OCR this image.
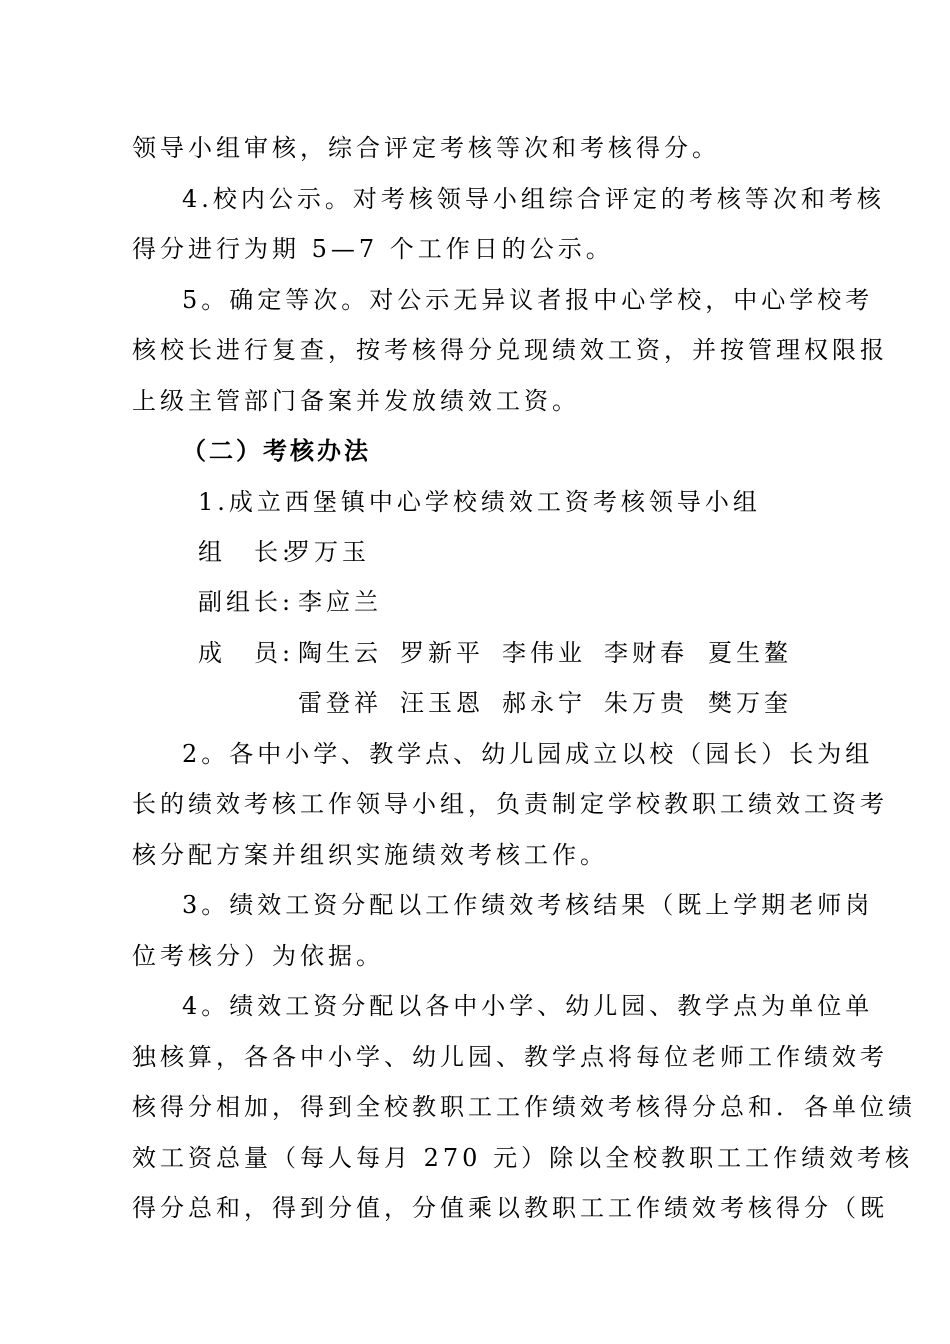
领导小组审核，综合评定考核等次和考核得分。
4.校内公示。对考核领导小组综合评定的考核等次和考核
得分进行为期 5—7 个工作日的公示。
5。确定等次。对公示无异议者报中心学校，中心学校考
核校长进行复查，按考核得分兑现绩效工资，并按管理权限报
上级主管部门备案并发放绩效工资。
（二）考核办法
1.成立西堡镇中心学校绩效工资考核领导小组
组　长:
罗万玉
副组长: 李应兰
成　员: 陶生云 罗新平 李伟业 李财春 夏生鳌
雷登祥 汪玉恩 郝永宁 朱万贵 樊万奎
2。各中小学、教学点、幼儿园成立以校（园长）长为组
长的绩效考核工作领导小组，负责制定学校教职工绩效工资考
核分配方案并组织实施绩效考核工作。
3。绩效工资分配以工作绩效考核结果（既上学期老师岗
位考核分）为依据。
4。绩效工资分配以各中小学、幼儿园、教学点为单位单
独核算，各各中小学、幼儿园、教学点将每位老师工作绩效考
核得分相加，得到全校教职工工作绩效考核得分总和．各单位绩
效工资总量（每人每月 270 元）除以全校教职工工作绩效考核
得分总和，得到分值，分值乘以教职工工作绩效考核得分（既
